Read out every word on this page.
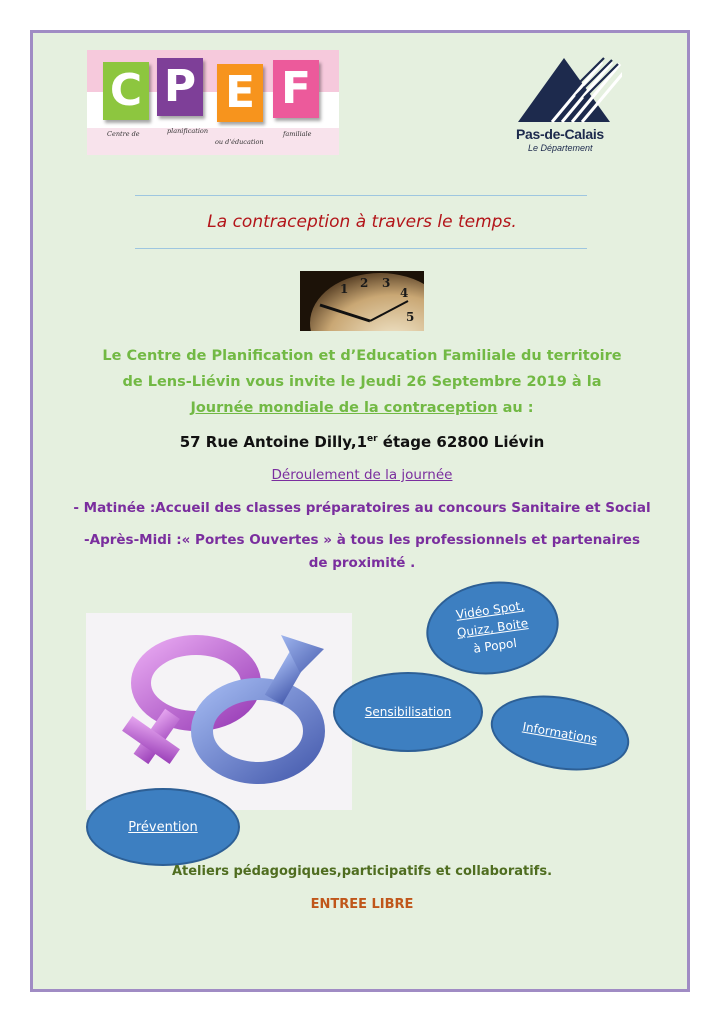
C P E F
Centre de	planification
ou d'éducation
familiale	Pas-de-Calais
Le Département
La contraception à travers le temps.
1 2 3
4
5
Le Centre de Planification et d’Education Familiale du territoire
de Lens-Liévin vous invite le Jeudi 26 Septembre 2019 à la
Journée mondiale de la contraception au :
57 Rue Antoine Dilly,1er étage 62800 Liévin
Déroulement de la journée
- Matinée :Accueil des classes préparatoires au concours Sanitaire et Social
-Après-Midi :« Portes Ouvertes » à tous les professionnels et partenaires
de proximité .
Vidéo Spot,
Quizz, Boite
à Popol
Sensibilisation
Informations
Prévention
Ateliers pédagogiques,participatifs et collaboratifs.
ENTREE LIBRE
